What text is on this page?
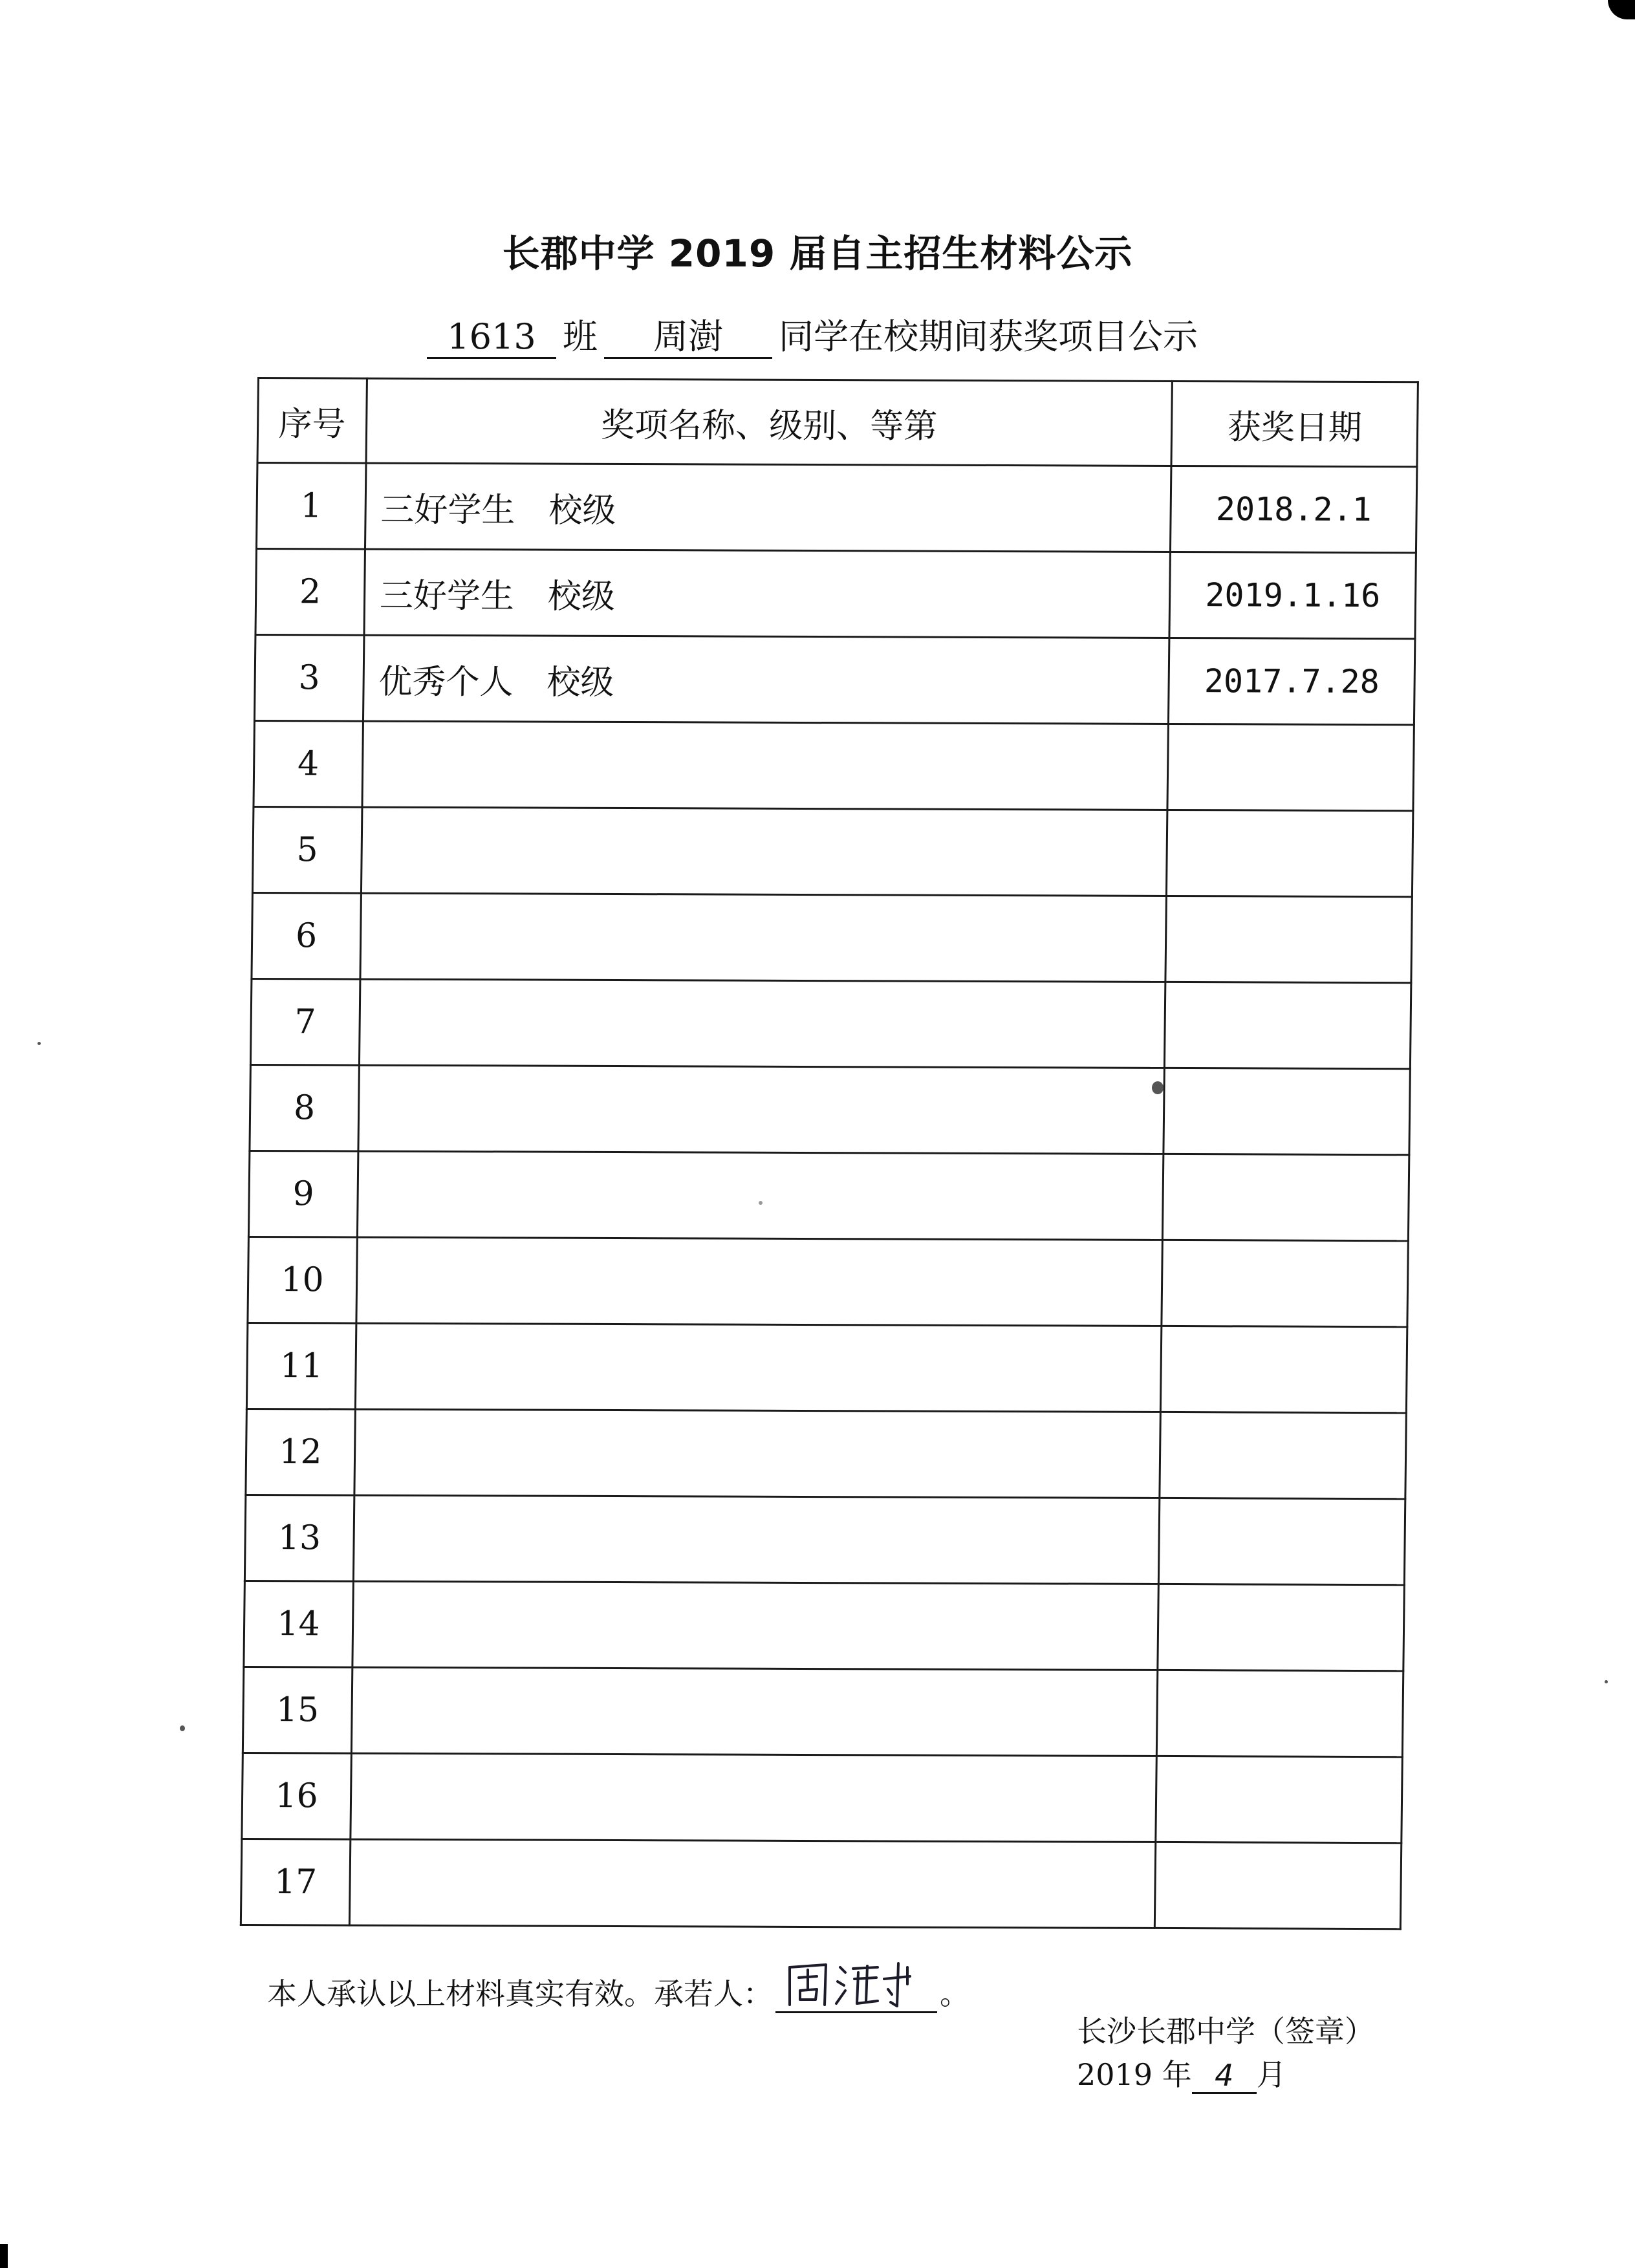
长郡中学 2019 届自主招生材料公示
1613 班	周澍	同学在校期间获奖项目公示
序号	奖项名称、级别、等第	获奖日期
1	三好学生　校级	2018.2.1
2	三好学生　校级	2019.1.16
3	优秀个人　校级	2017.7.28
4		
5		
6		
7		
8		
9		
10		
11		
12		
13		
14		
15		
16		
17		
本人承认以上材料真实有效。承若人：	。
长沙长郡中学（签章）
2019 年 4 月
